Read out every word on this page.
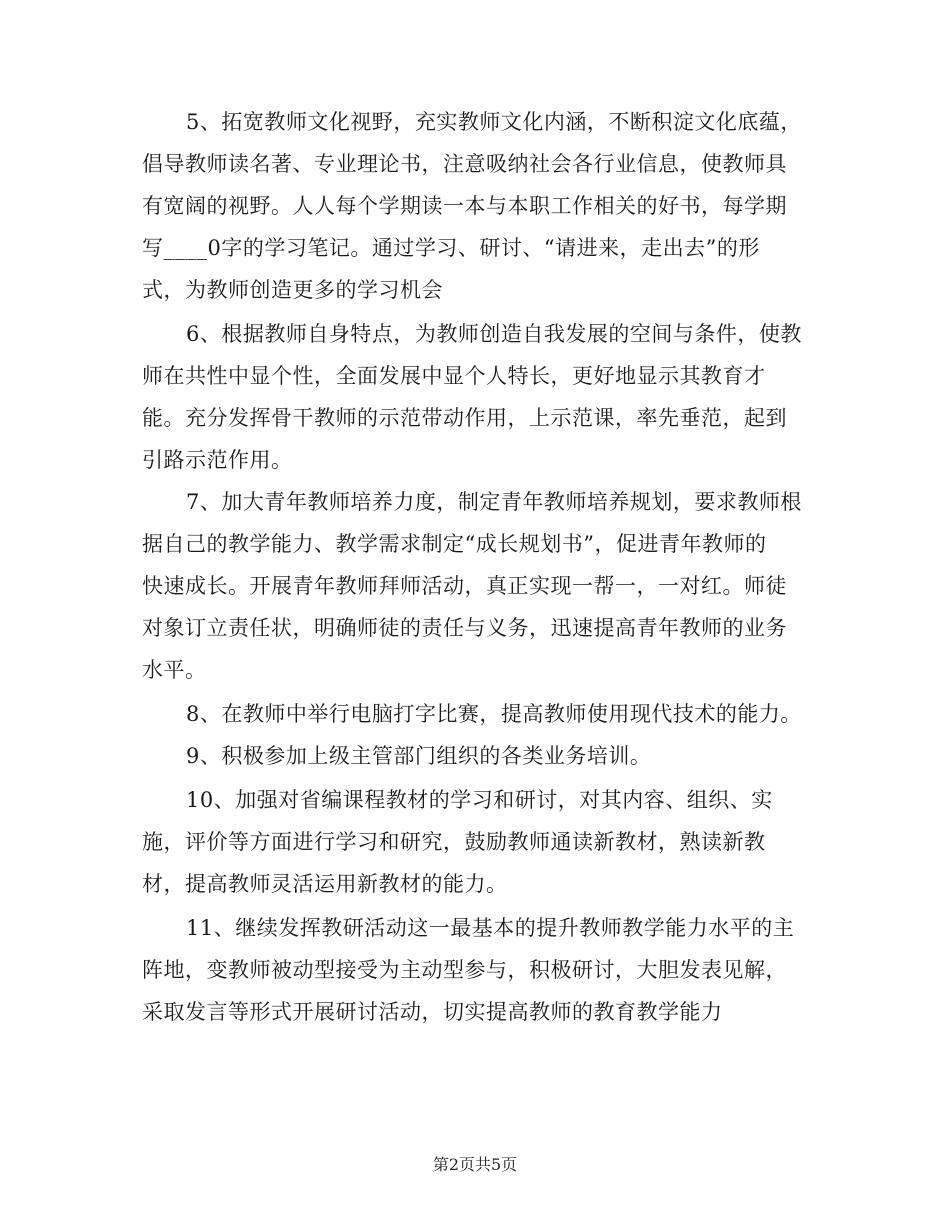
5、拓宽教师文化视野，充实教师文化内涵，不断积淀文化底蕴，
倡导教师读名著、专业理论书，注意吸纳社会各行业信息，使教师具
有宽阔的视野。人人每个学期读一本与本职工作相关的好书，每学期
写____0字的学习笔记。通过学习、研讨、“请进来，走出去”的形
式，为教师创造更多的学习机会
6、根据教师自身特点，为教师创造自我发展的空间与条件，使教
师在共性中显个性，全面发展中显个人特长，更好地显示其教育才
能。充分发挥骨干教师的示范带动作用，上示范课，率先垂范，起到
引路示范作用。
7、加大青年教师培养力度，制定青年教师培养规划，要求教师根
据自己的教学能力、教学需求制定“成长规划书”，促进青年教师的
快速成长。开展青年教师拜师活动，真正实现一帮一，一对红。师徒
对象订立责任状，明确师徒的责任与义务，迅速提高青年教师的业务
水平。
8、在教师中举行电脑打字比赛，提高教师使用现代技术的能力。
9、积极参加上级主管部门组织的各类业务培训。
10、加强对省编课程教材的学习和研讨，对其内容、组织、实
施，评价等方面进行学习和研究，鼓励教师通读新教材，熟读新教
材，提高教师灵活运用新教材的能力。
11、继续发挥教研活动这一最基本的提升教师教学能力水平的主
阵地，变教师被动型接受为主动型参与，积极研讨，大胆发表见解，
采取发言等形式开展研讨活动，切实提高教师的教育教学能力
第2页共5页
